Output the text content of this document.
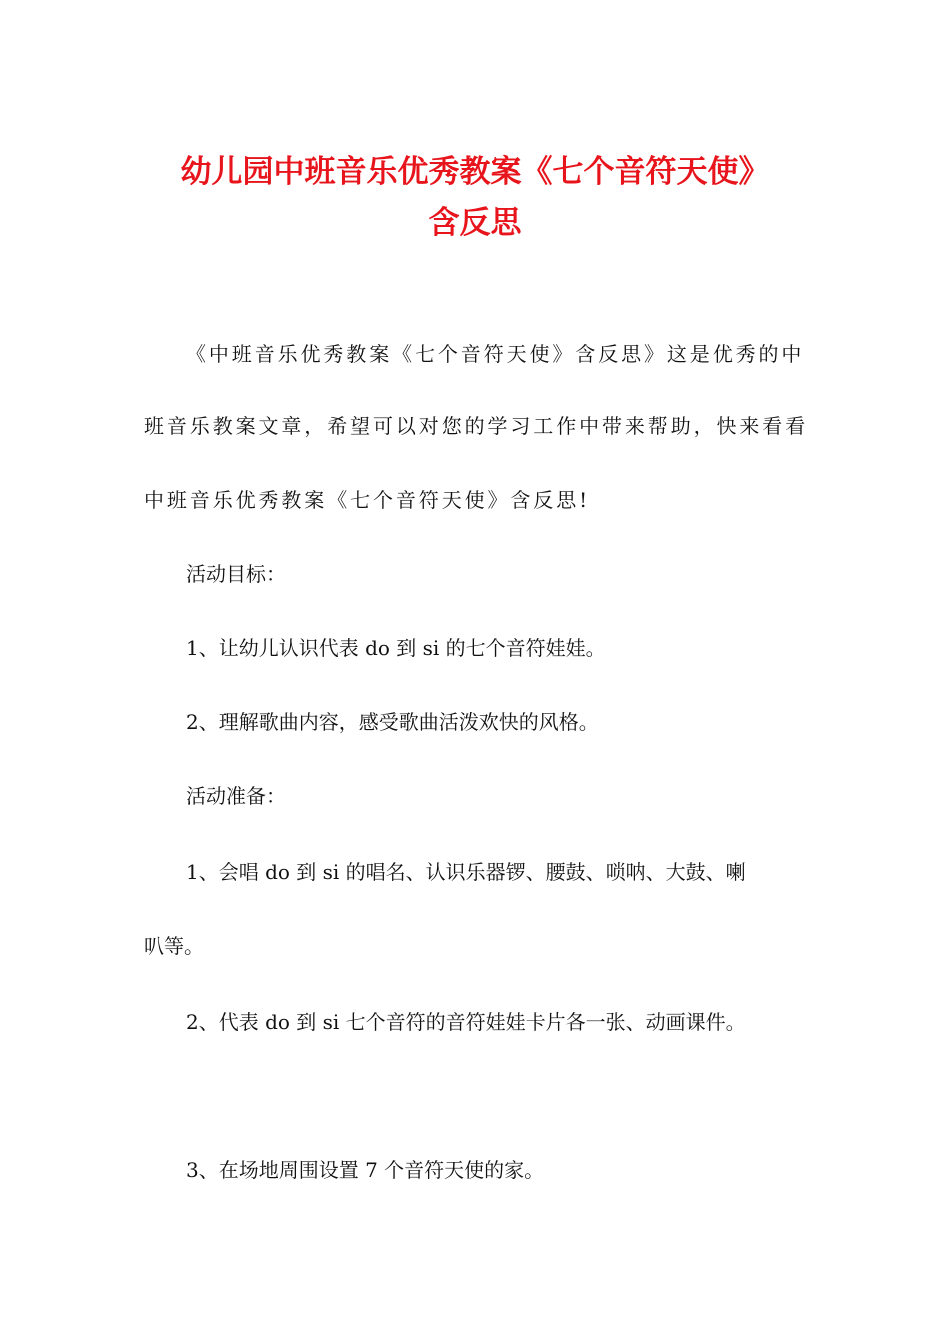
幼儿园中班音乐优秀教案《七个音符天使》
含反思

《中班音乐优秀教案《七个音符天使》含反思》这是优秀的中

班音乐教案文章，希望可以对您的学习工作中带来帮助，快来看看

中班音乐优秀教案《七个音符天使》含反思!

活动目标：

1、让幼儿认识代表 do 到 si 的七个音符娃娃。

2、理解歌曲内容，感受歌曲活泼欢快的风格。

活动准备：

1、会唱 do 到 si 的唱名、认识乐器锣、腰鼓、唢呐、大鼓、喇

叭等。

2、代表 do 到 si 七个音符的音符娃娃卡片各一张、动画课件。

3、在场地周围设置 7 个音符天使的家。
